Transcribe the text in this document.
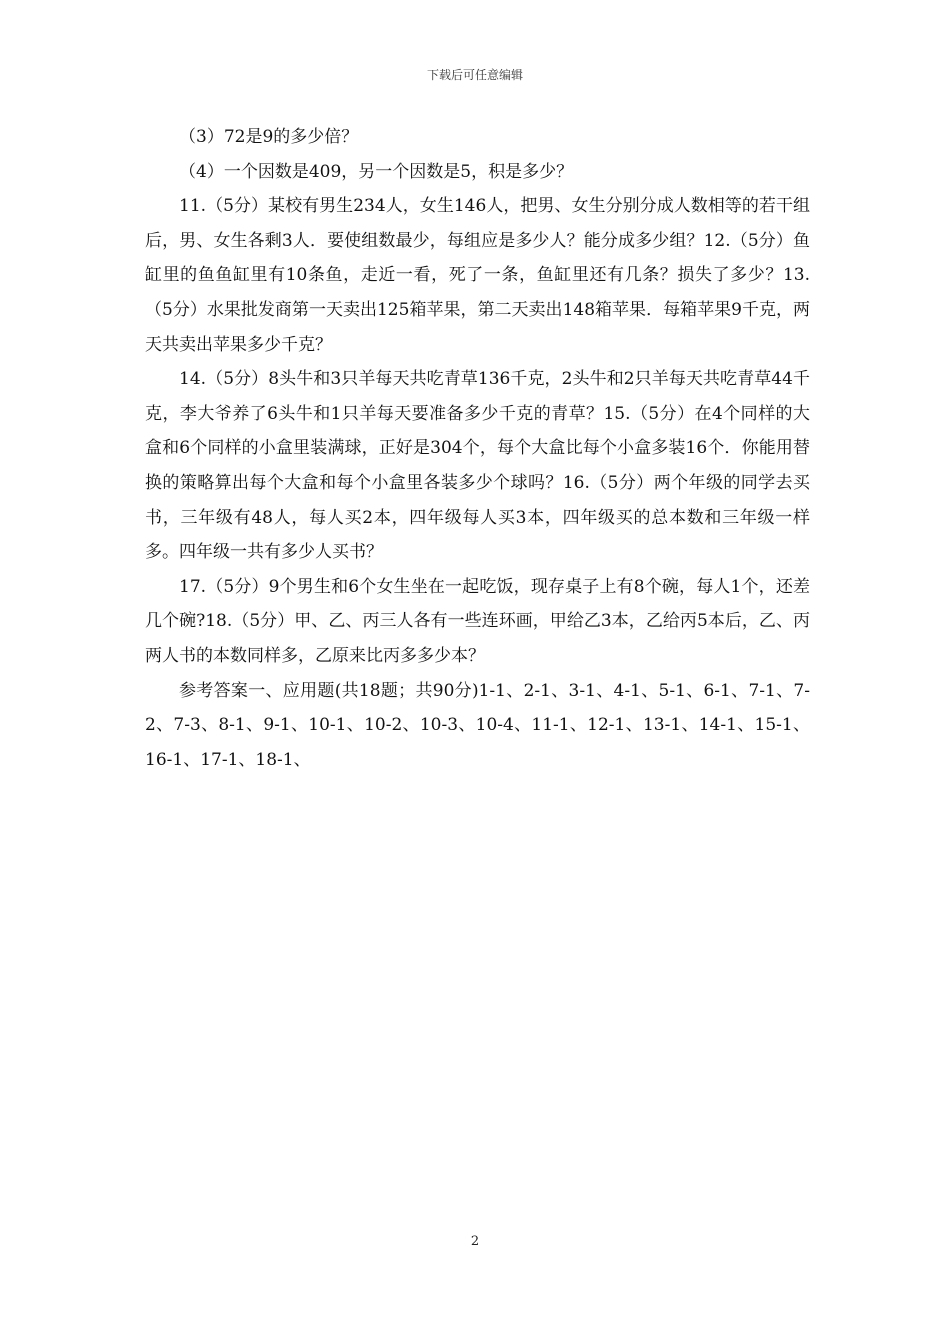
下载后可任意编辑

（3）72是9的多少倍？

（4）一个因数是409，另一个因数是5，积是多少？

11.（5分）某校有男生234人，女生146人，把男、女生分别分成人数相等的若干组后，男、女生各剩3人．要使组数最少，每组应是多少人？能分成多少组？12.（5分）鱼缸里的鱼鱼缸里有10条鱼，走近一看，死了一条，鱼缸里还有几条？损失了多少？13.（5分）水果批发商第一天卖出125箱苹果，第二天卖出148箱苹果．每箱苹果9千克，两天共卖出苹果多少千克？

14.（5分）8头牛和3只羊每天共吃青草136千克，2头牛和2只羊每天共吃青草44千克，李大爷养了6头牛和1只羊每天要准备多少千克的青草？15.（5分）在4个同样的大盒和6个同样的小盒里装满球，正好是304个，每个大盒比每个小盒多装16个．你能用替换的策略算出每个大盒和每个小盒里各装多少个球吗？16.（5分）两个年级的同学去买书，三年级有48人，每人买2本，四年级每人买3本，四年级买的总本数和三年级一样多。四年级一共有多少人买书？

17.（5分）9个男生和6个女生坐在一起吃饭，现存桌子上有8个碗，每人1个，还差几个碗?18.（5分）甲、乙、丙三人各有一些连环画，甲给乙3本，乙给丙5本后，乙、丙两人书的本数同样多，乙原来比丙多多少本？

参考答案一、应用题(共18题；共90分)1-1、2-1、3-1、4-1、5-1、6-1、7-1、7-2、7-3、8-1、9-1、10-1、10-2、10-3、10-4、11-1、12-1、13-1、14-1、15-1、16-1、17-1、18-1、

2
